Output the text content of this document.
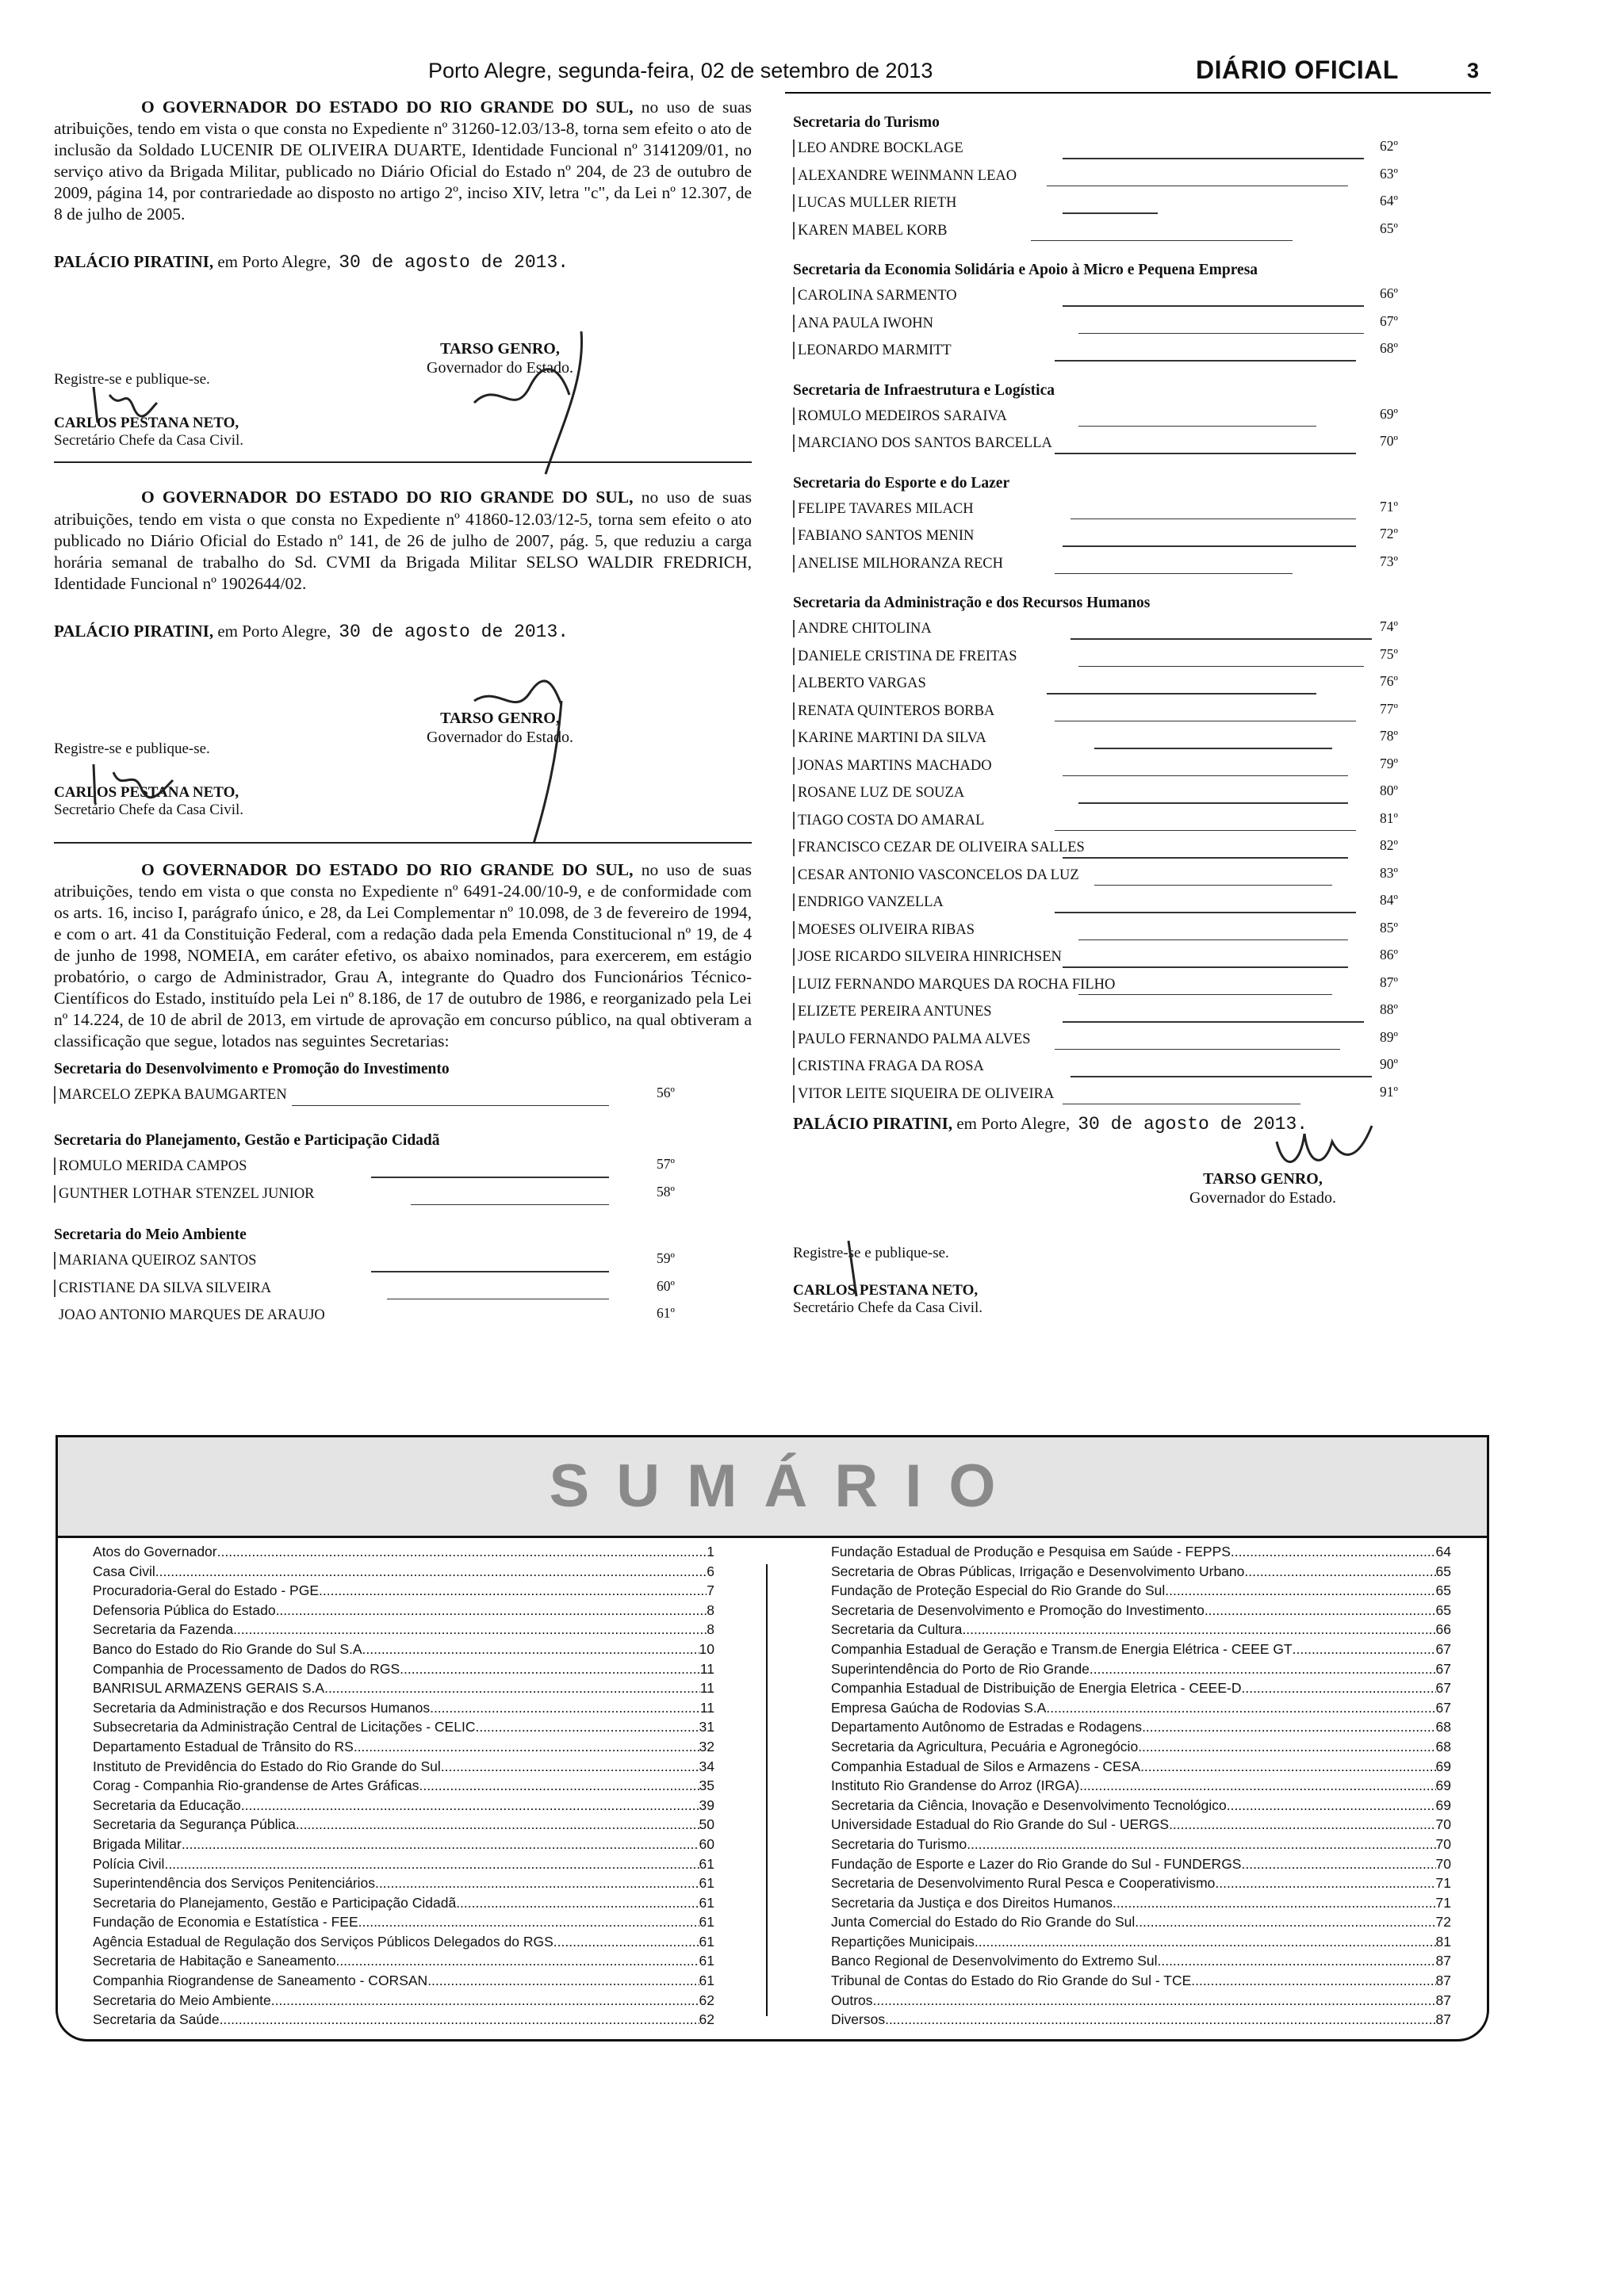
Porto Alegre, segunda-feira, 02 de setembro de 2013	DIÁRIO OFICIAL	3

O GOVERNADOR DO ESTADO DO RIO GRANDE DO SUL, no uso de suas atribuições, tendo em vista o que consta no Expediente nº 31260-12.03/13-8, torna sem efeito o ato de inclusão da Soldado LUCENIR DE OLIVEIRA DUARTE, Identidade Funcional nº 3141209/01, no serviço ativo da Brigada Militar, publicado no Diário Oficial do Estado nº 204, de 23 de outubro de 2009, página 14, por contrariedade ao disposto no artigo 2º, inciso XIV, letra "c", da Lei nº 12.307, de 8 de julho de 2005.

PALÁCIO PIRATINI, em Porto Alegre, 30 de agosto de 2013.
TARSO GENRO,
Governador do Estado.
Registre-se e publique-se.
CARLOS PESTANA NETO,
Secretário Chefe da Casa Civil.

O GOVERNADOR DO ESTADO DO RIO GRANDE DO SUL, no uso de suas atribuições, tendo em vista o que consta no Expediente nº 41860-12.03/12-5, torna sem efeito o ato publicado no Diário Oficial do Estado nº 141, de 26 de julho de 2007, pág. 5, que reduziu a carga horária semanal de trabalho do Sd. CVMI da Brigada Militar SELSO WALDIR FREDRICH, Identidade Funcional nº 1902644/02.

PALÁCIO PIRATINI, em Porto Alegre, 30 de agosto de 2013.
TARSO GENRO,
Governador do Estado.
Registre-se e publique-se.
CARLOS PESTANA NETO,
Secretário Chefe da Casa Civil.

O GOVERNADOR DO ESTADO DO RIO GRANDE DO SUL, no uso de suas atribuições, tendo em vista o que consta no Expediente nº 6491-24.00/10-9, e de conformidade com os arts. 16, inciso I, parágrafo único, e 28, da Lei Complementar nº 10.098, de 3 de fevereiro de 1994, e com o art. 41 da Constituição Federal, com a redação dada pela Emenda Constitucional nº 19, de 4 de junho de 1998, NOMEIA, em caráter efetivo, os abaixo nominados, para exercerem, em estágio probatório, o cargo de Administrador, Grau A, integrante do Quadro dos Funcionários Técnico-Científicos do Estado, instituído pela Lei nº 8.186, de 17 de outubro de 1986, e reorganizado pela Lei nº 14.224, de 10 de abril de 2013, em virtude de aprovação em concurso público, na qual obtiveram a classificação que segue, lotados nas seguintes Secretarias:

Secretaria do Desenvolvimento e Promoção do Investimento
MARCELO ZEPKA BAUMGARTEN	56º
Secretaria do Planejamento, Gestão e Participação Cidadã
ROMULO MERIDA CAMPOS	57º
GUNTHER LOTHAR STENZEL JUNIOR	58º
Secretaria do Meio Ambiente
MARIANA QUEIROZ SANTOS	59º
CRISTIANE DA SILVA SILVEIRA	60º
JOAO ANTONIO MARQUES DE ARAUJO	61º
Secretaria do Turismo
LEO ANDRE BOCKLAGE	62º
ALEXANDRE WEINMANN LEAO	63º
LUCAS MULLER RIETH	64º
KAREN MABEL KORB	65º
Secretaria da Economia Solidária e Apoio à Micro e Pequena Empresa
CAROLINA SARMENTO	66º
ANA PAULA IWOHN	67º
LEONARDO MARMITT	68º
Secretaria de Infraestrutura e Logística
ROMULO MEDEIROS SARAIVA	69º
MARCIANO DOS SANTOS BARCELLA	70º
Secretaria do Esporte e do Lazer
FELIPE TAVARES MILACH	71º
FABIANO SANTOS MENIN	72º
ANELISE MILHORANZA RECH	73º
Secretaria da Administração e dos Recursos Humanos
ANDRE CHITOLINA	74º
DANIELE CRISTINA DE FREITAS	75º
ALBERTO VARGAS	76º
RENATA QUINTEROS BORBA	77º
KARINE MARTINI DA SILVA	78º
JONAS MARTINS MACHADO	79º
ROSANE LUZ DE SOUZA	80º
TIAGO COSTA DO AMARAL	81º
FRANCISCO CEZAR DE OLIVEIRA SALLES	82º
CESAR ANTONIO VASCONCELOS DA LUZ	83º
ENDRIGO VANZELLA	84º
MOESES OLIVEIRA RIBAS	85º
JOSE RICARDO SILVEIRA HINRICHSEN	86º
LUIZ FERNANDO MARQUES DA ROCHA FILHO	87º
ELIZETE PEREIRA ANTUNES	88º
PAULO FERNANDO PALMA ALVES	89º
CRISTINA FRAGA DA ROSA	90º
VITOR LEITE SIQUEIRA DE OLIVEIRA	91º
PALÁCIO PIRATINI, em Porto Alegre, 30 de agosto de 2013.
TARSO GENRO,
Governador do Estado.
Registre-se e publique-se.
CARLOS PESTANA NETO,
Secretário Chefe da Casa Civil.
SUMÁRIO
Atos do Governador .....	1
Casa Civil .....	6
Procuradoria-Geral do Estado - PGE .....	7
Defensoria Pública do Estado .....	8
Secretaria da Fazenda .....	8
Banco do Estado do Rio Grande do Sul S.A. .....	10
Companhia de Processamento de Dados do RGS .....	11
BANRISUL ARMAZENS GERAIS S.A .....	11
Secretaria da Administração e dos Recursos Humanos .....	11
Subsecretaria da Administração Central de Licitações - CELIC .....	31
Departamento Estadual de Trânsito do RS .....	32
Instituto de Previdência do Estado do Rio Grande do Sul .....	34
Corag - Companhia Rio-grandense de Artes Gráficas .....	35
Secretaria da Educação .....	39
Secretaria da Segurança Pública .....	50
Brigada Militar .....	60
Polícia Civil .....	61
Superintendência dos Serviços Penitenciários .....	61
Secretaria do Planejamento, Gestão e Participação Cidadã .....	61
Fundação de Economia e Estatística - FEE .....	61
Agência Estadual de Regulação dos Serviços Públicos Delegados do RGS .....	61
Secretaria de Habitação e Saneamento .....	61
Companhia Riograndense de Saneamento - CORSAN .....	61
Secretaria do Meio Ambiente .....	62
Secretaria da Saúde .....	62
Fundação Estadual de Produção e Pesquisa em Saúde - FEPPS .....	64
Secretaria de Obras Públicas, Irrigação e Desenvolvimento Urbano .....	65
Fundação de Proteção Especial do Rio Grande do Sul .....	65
Secretaria de Desenvolvimento e Promoção do Investimento .....	65
Secretaria da Cultura .....	66
Companhia Estadual de Geração e Transm.de Energia Elétrica - CEEE GT .....	67
Superintendência do Porto de Rio Grande .....	67
Companhia Estadual de Distribuição de Energia Eletrica - CEEE-D .....	67
Empresa Gaúcha de Rodovias S.A. .....	67
Departamento Autônomo de Estradas e Rodagens .....	68
Secretaria da Agricultura, Pecuária e Agronegócio .....	68
Companhia Estadual de Silos e Armazens - CESA .....	69
Instituto Rio Grandense do Arroz (IRGA) .....	69
Secretaria da Ciência, Inovação e Desenvolvimento Tecnológico .....	69
Universidade Estadual do Rio Grande do Sul - UERGS .....	70
Secretaria do Turismo .....	70
Fundação de Esporte e Lazer do Rio Grande do Sul - FUNDERGS .....	70
Secretaria de Desenvolvimento Rural Pesca e Cooperativismo .....	71
Secretaria da Justiça e dos Direitos Humanos .....	71
Junta Comercial do Estado do Rio Grande do Sul .....	72
Repartições Municipais .....	81
Banco Regional de Desenvolvimento do Extremo Sul .....	87
Tribunal de Contas do Estado do Rio Grande do Sul - TCE .....	87
Outros .....	87
Diversos .....	87
